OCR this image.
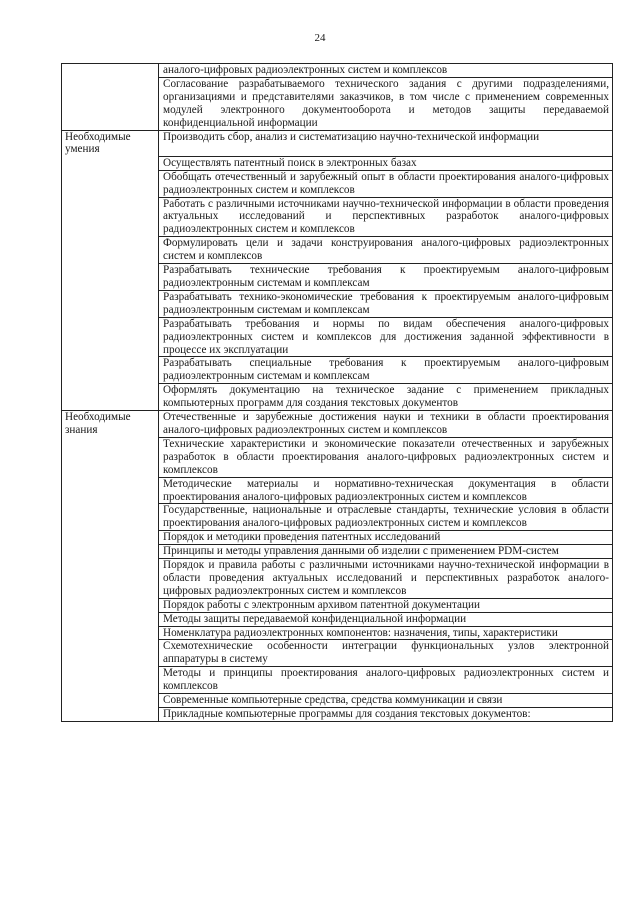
24
	аналого-цифровых радиоэлектронных систем и комплексов
	Согласование разрабатываемого технического задания с другими подразделениями, организациями и представителями заказчиков, в том числе с применением современных модулей электронного документооборота и методов защиты передаваемой конфиденциальной информации
Необходимые умения	Производить сбор, анализ и систематизацию научно-технической информации
	Осуществлять патентный поиск в электронных базах
	Обобщать отечественный и зарубежный опыт в области проектирования аналого-цифровых радиоэлектронных систем и комплексов
	Работать с различными источниками научно-технической информации в области проведения актуальных исследований и перспективных разработок аналого-цифровых радиоэлектронных систем и комплексов
	Формулировать цели и задачи конструирования аналого-цифровых радиоэлектронных систем и комплексов
	Разрабатывать технические требования к проектируемым аналого-цифровым радиоэлектронным системам и комплексам
	Разрабатывать технико-экономические требования к проектируемым аналого-цифровым радиоэлектронным системам и комплексам
	Разрабатывать требования и нормы по видам обеспечения аналого-цифровых радиоэлектронных систем и комплексов для достижения заданной эффективности в процессе их эксплуатации
	Разрабатывать специальные требования к проектируемым аналого-цифровым радиоэлектронным системам и комплексам
	Оформлять документацию на техническое задание с применением прикладных компьютерных программ для создания текстовых документов
Необходимые знания	Отечественные и зарубежные достижения науки и техники в области проектирования аналого-цифровых радиоэлектронных систем и комплексов
	Технические характеристики и экономические показатели отечественных и зарубежных разработок в области проектирования аналого-цифровых радиоэлектронных систем и комплексов
	Методические материалы и нормативно-техническая документация в области проектирования аналого-цифровых радиоэлектронных систем и комплексов
	Государственные, национальные и отраслевые стандарты, технические условия в области проектирования аналого-цифровых радиоэлектронных систем и комплексов
	Порядок и методики проведения патентных исследований
	Принципы и методы управления данными об изделии с применением PDM-систем
	Порядок и правила работы с различными источниками научно-технической информации в области проведения актуальных исследований и перспективных разработок аналого-цифровых радиоэлектронных систем и комплексов
	Порядок работы с электронным архивом патентной документации
	Методы защиты передаваемой конфиденциальной информации
	Номенклатура радиоэлектронных компонентов: назначения, типы, характеристики
	Схемотехнические особенности интеграции функциональных узлов электронной аппаратуры в систему
	Методы и принципы проектирования аналого-цифровых радиоэлектронных систем и комплексов
	Современные компьютерные средства, средства коммуникации и связи
	Прикладные компьютерные программы для создания текстовых документов:
